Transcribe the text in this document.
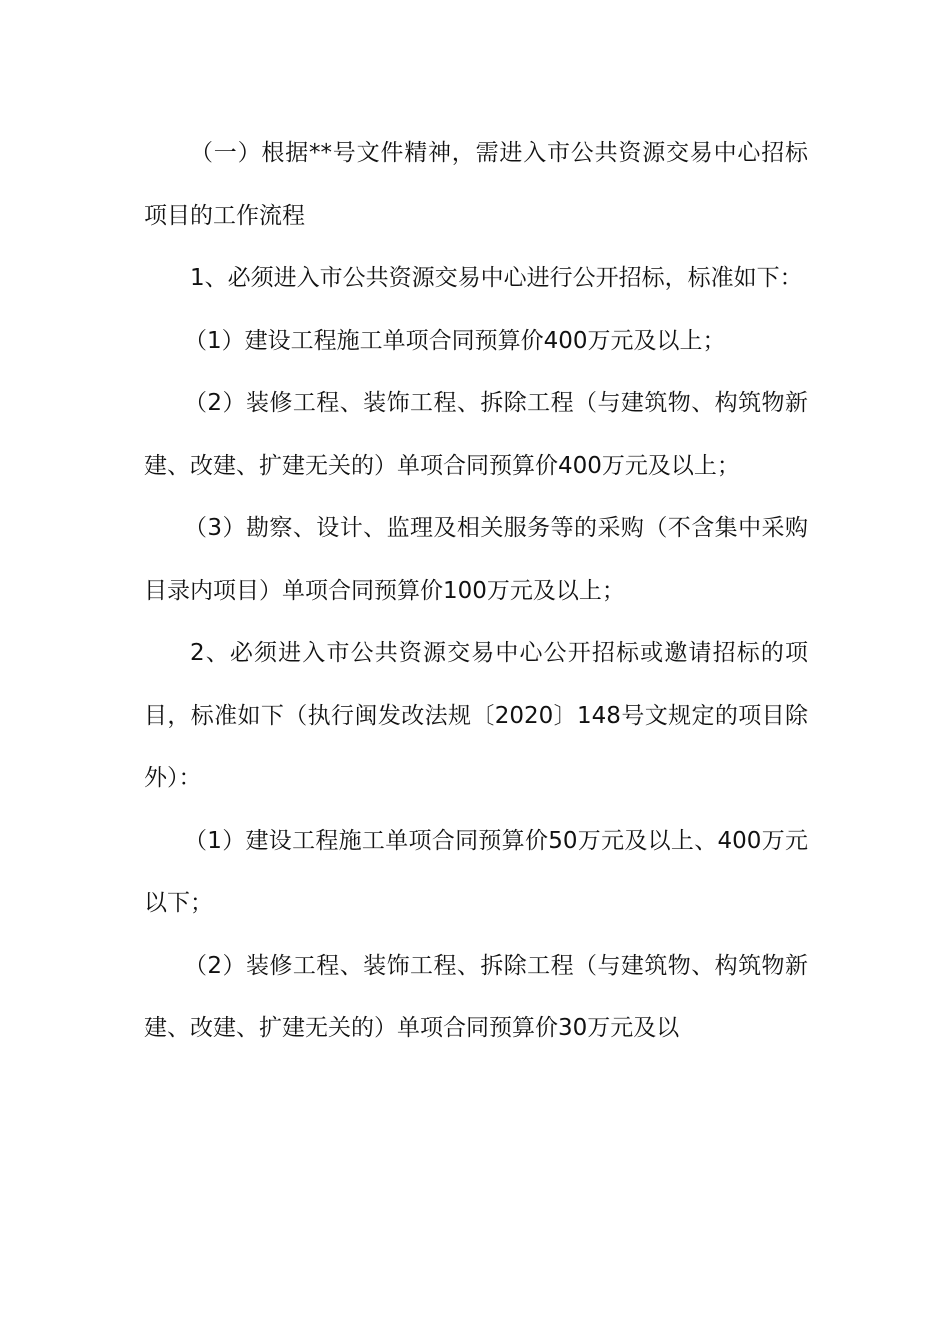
（一）根据**号文件精神，需进入市公共资源交易中心招标项目的工作流程

1、必须进入市公共资源交易中心进行公开招标，标准如下：

（1）建设工程施工单项合同预算价400万元及以上；

（2）装修工程、装饰工程、拆除工程（与建筑物、构筑物新建、改建、扩建无关的）单项合同预算价400万元及以上；

（3）勘察、设计、监理及相关服务等的采购（不含集中采购目录内项目）单项合同预算价100万元及以上；

2、必须进入市公共资源交易中心公开招标或邀请招标的项目，标准如下（执行闽发改法规〔2020〕148号文规定的项目除外）：

（1）建设工程施工单项合同预算价50万元及以上、400万元以下；

（2）装修工程、装饰工程、拆除工程（与建筑物、构筑物新建、改建、扩建无关的）单项合同预算价30万元及以
